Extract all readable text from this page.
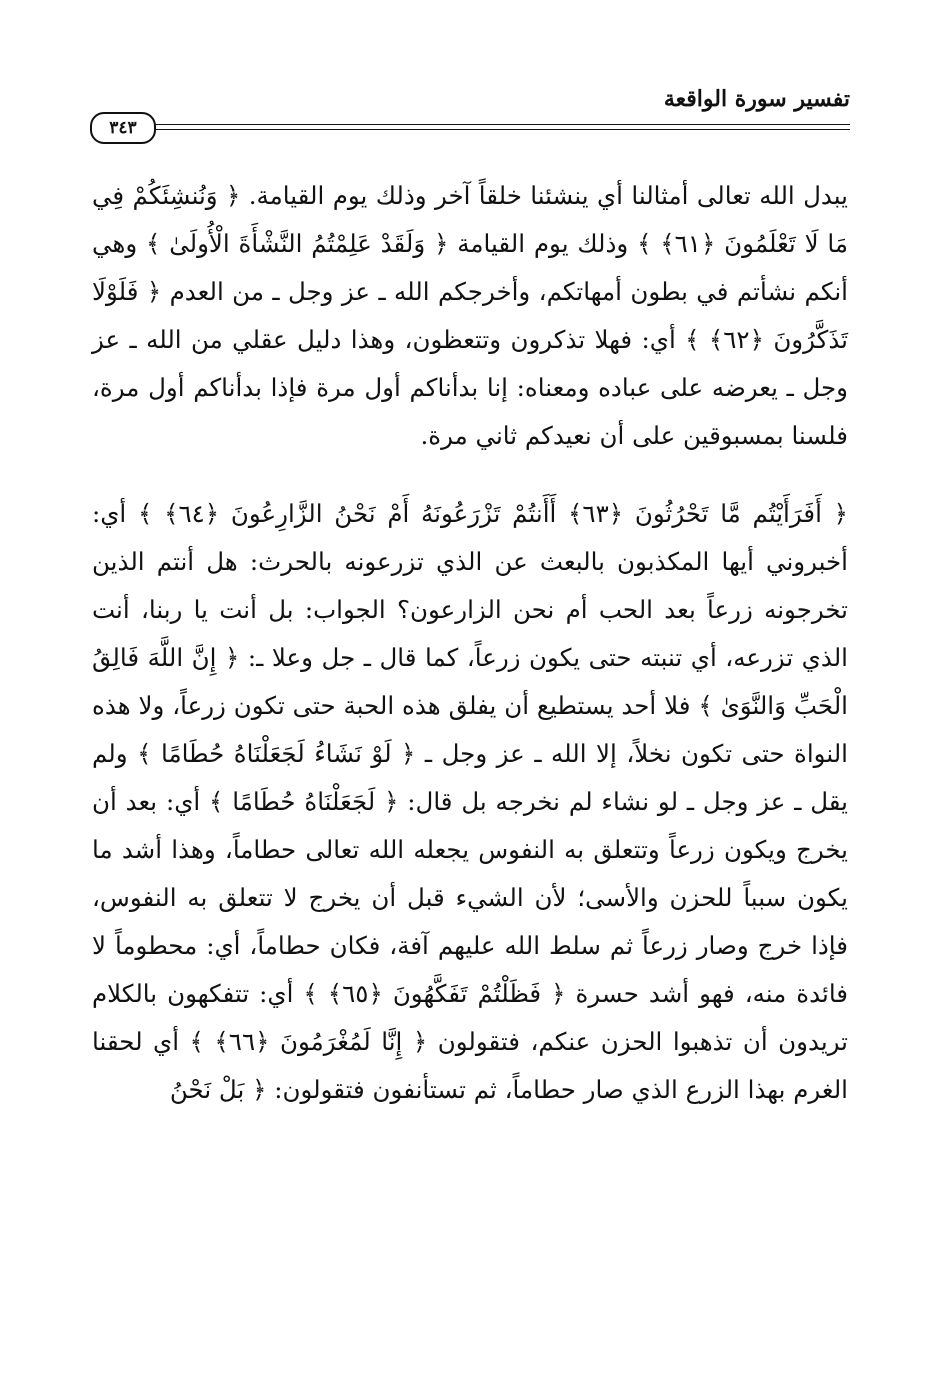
تفسير سورة الواقعة
٣٤٣

يبدل الله تعالى أمثالنا أي ينشئنا خلقاً آخر وذلك يوم القيامة. ﴿ وَنُنشِئَكُمْ فِي مَا لَا تَعْلَمُونَ ﴿٦١﴾ ﴾ وذلك يوم القيامة ﴿ وَلَقَدْ عَلِمْتُمُ النَّشْأَةَ الْأُولَىٰ ﴾ وهي أنكم نشأتم في بطون أمهاتكم، وأخرجكم الله ـ عز وجل ـ من العدم ﴿ فَلَوْلَا تَذَكَّرُونَ ﴿٦٢﴾ ﴾ أي: فهلا تذكرون وتتعظون، وهذا دليل عقلي من الله ـ عز وجل ـ يعرضه على عباده ومعناه: إنا بدأناكم أول مرة فإذا بدأناكم أول مرة، فلسنا بمسبوقين على أن نعيدكم ثاني مرة.

﴿ أَفَرَأَيْتُم مَّا تَحْرُثُونَ ﴿٦٣﴾ أَأَنتُمْ تَزْرَعُونَهُ أَمْ نَحْنُ الزَّارِعُونَ ﴿٦٤﴾ ﴾ أي: أخبروني أيها المكذبون بالبعث عن الذي تزرعونه بالحرث: هل أنتم الذين تخرجونه زرعاً بعد الحب أم نحن الزارعون؟ الجواب: بل أنت يا ربنا، أنت الذي تزرعه، أي تنبته حتى يكون زرعاً، كما قال ـ جل وعلا ـ: ﴿ إِنَّ اللَّهَ فَالِقُ الْحَبِّ وَالنَّوَىٰ ﴾ فلا أحد يستطيع أن يفلق هذه الحبة حتى تكون زرعاً، ولا هذه النواة حتى تكون نخلاً، إلا الله ـ عز وجل ـ ﴿ لَوْ نَشَاءُ لَجَعَلْنَاهُ حُطَامًا ﴾ ولم يقل ـ عز وجل ـ لو نشاء لم نخرجه بل قال: ﴿ لَجَعَلْنَاهُ حُطَامًا ﴾ أي: بعد أن يخرج ويكون زرعاً وتتعلق به النفوس يجعله الله تعالى حطاماً، وهذا أشد ما يكون سبباً للحزن والأسى؛ لأن الشيء قبل أن يخرج لا تتعلق به النفوس، فإذا خرج وصار زرعاً ثم سلط الله عليهم آفة، فكان حطاماً، أي: محطوماً لا فائدة منه، فهو أشد حسرة ﴿ فَظَلْتُمْ تَفَكَّهُونَ ﴿٦٥﴾ ﴾ أي: تتفكهون بالكلام تريدون أن تذهبوا الحزن عنكم، فتقولون ﴿ إِنَّا لَمُغْرَمُونَ ﴿٦٦﴾ ﴾ أي لحقنا الغرم بهذا الزرع الذي صار حطاماً، ثم تستأنفون فتقولون: ﴿ بَلْ نَحْنُ
